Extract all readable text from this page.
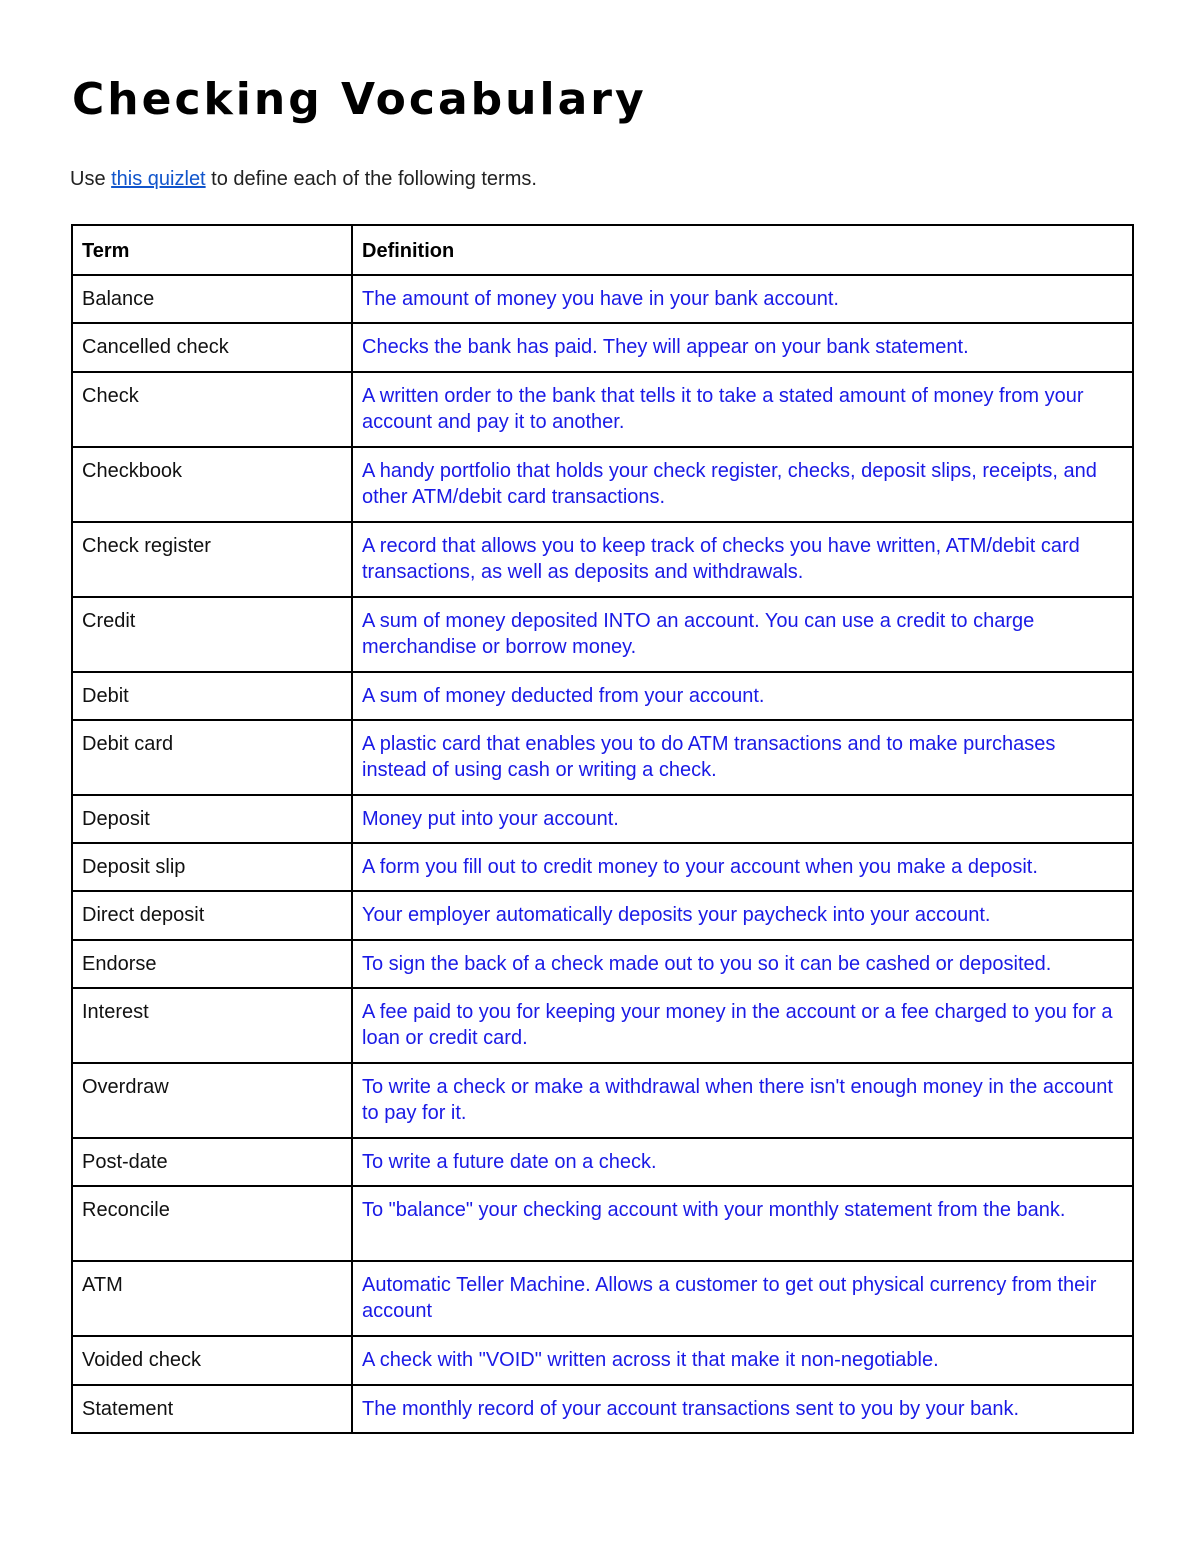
Checking Vocabulary

Use this quizlet to define each of the following terms.

Term	Definition
Balance	The amount of money you have in your bank account.
Cancelled check	Checks the bank has paid. They will appear on your bank statement.
Check	A written order to the bank that tells it to take a stated amount of money from your account and pay it to another.
Checkbook	A handy portfolio that holds your check register, checks, deposit slips, receipts, and other ATM/debit card transactions.
Check register	A record that allows you to keep track of checks you have written, ATM/debit card transactions, as well as deposits and withdrawals.
Credit	A sum of money deposited INTO an account. You can use a credit to charge merchandise or borrow money.
Debit	A sum of money deducted from your account.
Debit card	A plastic card that enables you to do ATM transactions and to make purchases instead of using cash or writing a check.
Deposit	Money put into your account.
Deposit slip	A form you fill out to credit money to your account when you make a deposit.
Direct deposit	Your employer automatically deposits your paycheck into your account.
Endorse	To sign the back of a check made out to you so it can be cashed or deposited.
Interest	A fee paid to you for keeping your money in the account or a fee charged to you for a loan or credit card.
Overdraw	To write a check or make a withdrawal when there isn't enough money in the account to pay for it.
Post-date	To write a future date on a check.
Reconcile	To "balance" your checking account with your monthly statement from the bank.
ATM	Automatic Teller Machine. Allows a customer to get out physical currency from their account
Voided check	A check with "VOID" written across it that make it non-negotiable.
Statement	The monthly record of your account transactions sent to you by your bank.
